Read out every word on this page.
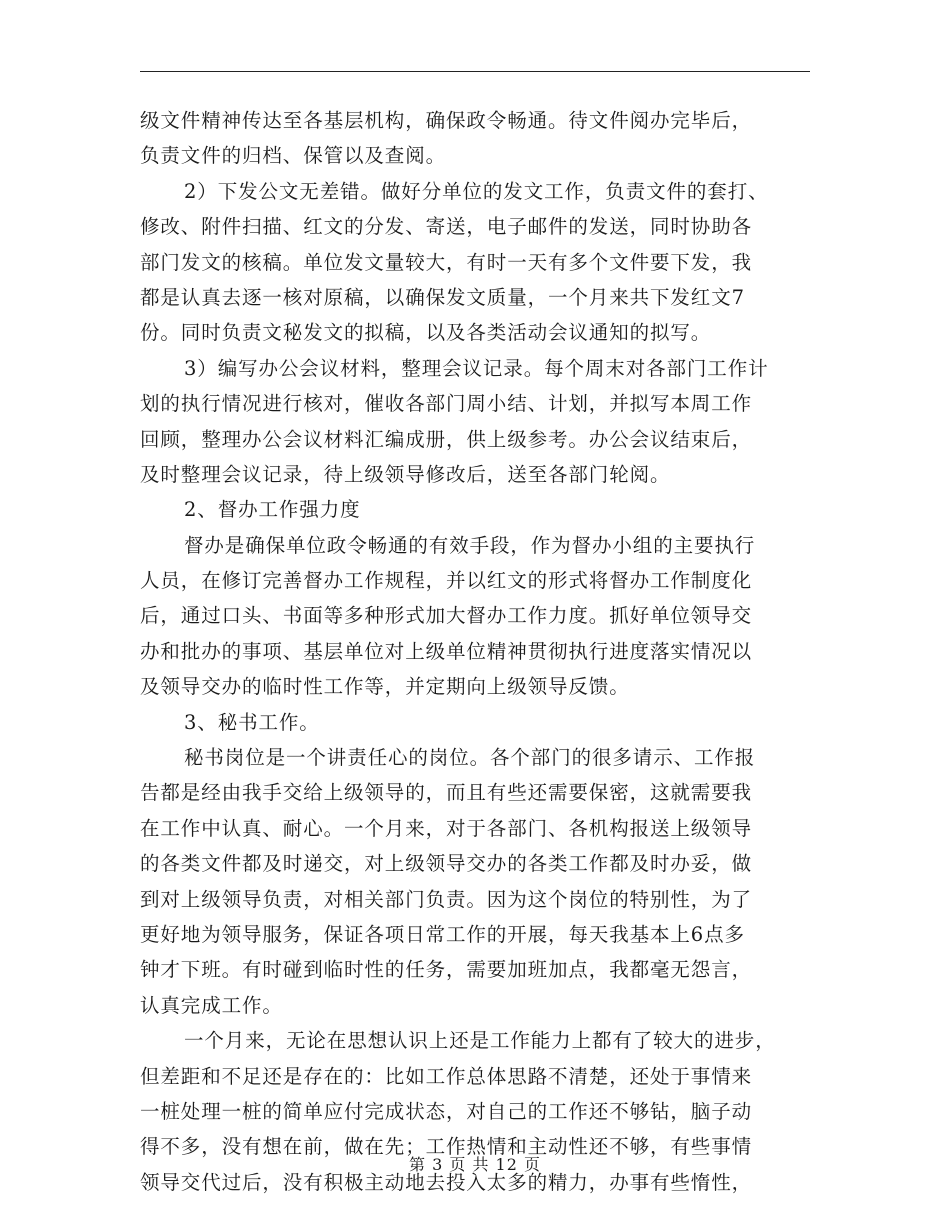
级文件精神传达至各基层机构，确保政令畅通。待文件阅办完毕后，
负责文件的归档、保管以及查阅。
2）下发公文无差错。做好分单位的发文工作，负责文件的套打、
修改、附件扫描、红文的分发、寄送，电子邮件的发送，同时协助各
部门发文的核稿。单位发文量较大，有时一天有多个文件要下发，我
都是认真去逐一核对原稿，以确保发文质量，一个月来共下发红文7
份。同时负责文秘发文的拟稿，以及各类活动会议通知的拟写。
3）编写办公会议材料，整理会议记录。每个周末对各部门工作计
划的执行情况进行核对，催收各部门周小结、计划，并拟写本周工作
回顾，整理办公会议材料汇编成册，供上级参考。办公会议结束后，
及时整理会议记录，待上级领导修改后，送至各部门轮阅。
2、督办工作强力度
督办是确保单位政令畅通的有效手段，作为督办小组的主要执行
人员，在修订完善督办工作规程，并以红文的形式将督办工作制度化
后，通过口头、书面等多种形式加大督办工作力度。抓好单位领导交
办和批办的事项、基层单位对上级单位精神贯彻执行进度落实情况以
及领导交办的临时性工作等，并定期向上级领导反馈。
3、秘书工作。
秘书岗位是一个讲责任心的岗位。各个部门的很多请示、工作报
告都是经由我手交给上级领导的，而且有些还需要保密，这就需要我
在工作中认真、耐心。一个月来，对于各部门、各机构报送上级领导
的各类文件都及时递交，对上级领导交办的各类工作都及时办妥，做
到对上级领导负责，对相关部门负责。因为这个岗位的特别性，为了
更好地为领导服务，保证各项日常工作的开展，每天我基本上6点多
钟才下班。有时碰到临时性的任务，需要加班加点，我都毫无怨言，
认真完成工作。
一个月来，无论在思想认识上还是工作能力上都有了较大的进步，
但差距和不足还是存在的：比如工作总体思路不清楚，还处于事情来
一桩处理一桩的简单应付完成状态，对自己的工作还不够钻，脑子动
得不多，没有想在前，做在先；工作热情和主动性还不够，有些事情
领导交代过后，没有积极主动地去投入太多的精力，办事有些惰性，
第 3 页 共 12 页
